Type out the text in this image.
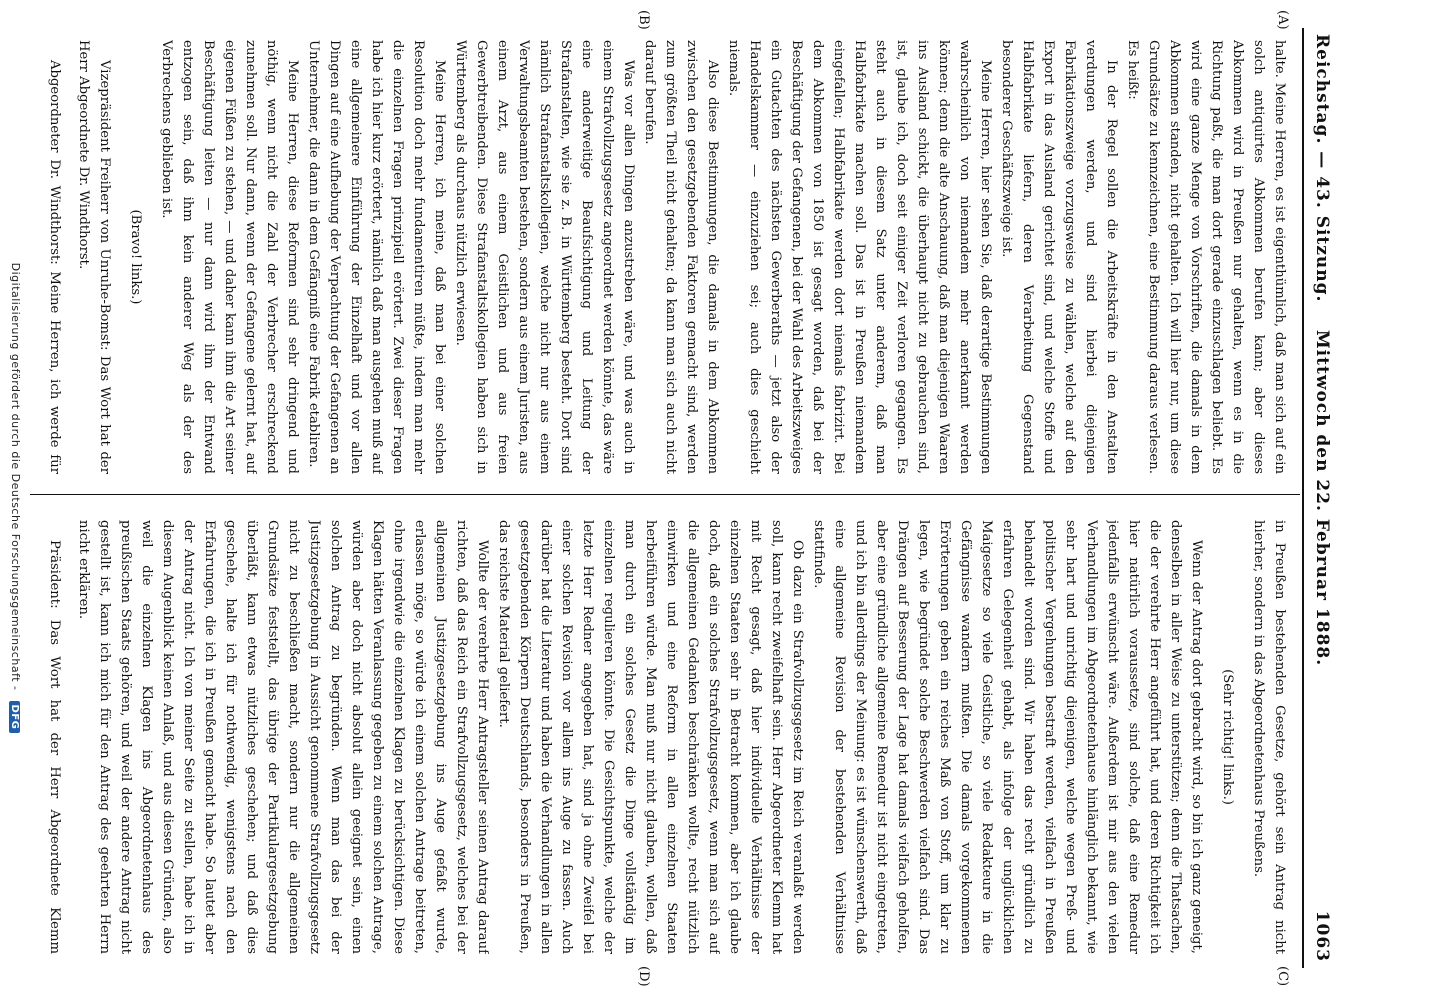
Reichstag. — 43. Sitzung.
Mittwoch den 22. Februar 1888.
1063
(A)
(B)
(C)
(D)

halte. Meine Herren, es ist eigenthümlich, daß man sich auf ein solch antiquirtes Abkommen berufen kann; aber dieses Abkommen wird in Preußen nur gehalten, wenn es in die Richtung paßt, die man dort gerade einzuschlagen beliebt. Es wird eine ganze Menge von Vorschriften, die damals in dem Abkommen standen, nicht gehalten. Ich will hier nur, um diese Grundsätze zu kennzeichnen, eine Bestimmung daraus verlesen. Es heißt:

In der Regel sollen die Arbeitskräfte in den Anstalten verdungen werden, und sind hierbei diejenigen Fabrikationszweige vorzugsweise zu wählen, welche auf den Export in das Ausland gerichtet sind, und welche Stoffe und Halbfabrikate liefern, deren Verarbeitung Gegenstand besonderer Geschäftszweige ist.

Meine Herren, hier sehen Sie, daß derartige Bestimmungen wahrscheinlich von niemandem mehr anerkannt werden können; denn die alte Anschauung, daß man diejenigen Waaren ins Ausland schickt, die überhaupt nicht zu gebrauchen sind, ist, glaube ich, doch seit einiger Zeit verloren gegangen. Es steht auch in diesem Satz unter anderem, daß man Halbfabrikate machen soll. Das ist in Preußen niemandem eingefallen; Halbfabrikate werden dort niemals fabrizirt. Bei dem Abkommen von 1850 ist gesagt worden, daß bei der Beschäftigung der Gefangenen, bei der Wahl des Arbeitszweiges ein Gutachten des nächsten Gewerberaths — jetzt also der Handelskammer — einzuziehen sei; auch dies geschieht niemals.

Also diese Bestimmungen, die damals in dem Abkommen zwischen den gesetzgebenden Faktoren gemacht sind, werden zum größten Theil nicht gehalten; da kann man sich auch nicht darauf berufen.

Was vor allen Dingen anzustreben wäre, und was auch in einem Strafvollzugsgesetz angeordnet werden könnte, das wäre eine anderweitige Beaufsichtigung und Leitung der Strafanstalten, wie sie z. B. in Württemberg besteht. Dort sind nämlich Strafanstaltskollegien, welche nicht nur aus einem Verwaltungsbeamten bestehen, sondern aus einem Juristen, aus einem Arzt, aus einem Geistlichen und aus freien Gewerbtreibenden. Diese Strafanstaltskollegien haben sich in Württemberg als durchaus nützlich erwiesen.

Meine Herren, ich meine, daß man bei einer solchen Resolution doch mehr fundamentiren müßte, indem man mehr die einzelnen Fragen prinzipiell erörtert. Zwei dieser Fragen habe ich hier kurz erörtert, nämlich daß man ausgehen muß auf eine allgemeinere Einführung der Einzelhaft und vor allen Dingen auf eine Aufhebung der Verpachtung der Gefangenen an Unternehmer, die dann in dem Gefängniß eine Fabrik etabliren.

Meine Herren, diese Reformen sind sehr dringend und nöthig, wenn nicht die Zahl der Verbrecher erschreckend zunehmen soll. Nur dann, wenn der Gefangene gelernt hat, auf eigenen Füßen zu stehen, — und daher kann ihm die Art seiner Beschäftigung leiten — nur dann wird ihm der Entwand entzogen sein, daß ihm kein anderer Weg als der des Verbrechens geblieben ist.

(Bravo! links.)

Vizepräsident Freiherr von Unruhe-Bomst: Das Wort hat der Herr Abgeordnete Dr. Windthorst.

Abgeordneter Dr. Windthorst: Meine Herren, ich werde für

in Preußen bestehenden Gesetze, gehört sein Antrag nicht hierher, sondern in das Abgeordnetenhaus Preußens.

(Sehr richtig! links.)

Wenn der Antrag dort gebracht wird, so bin ich ganz geneigt, denselben in aller Weise zu unterstützen; denn die Thatsachen, die der verehrte Herr angeführt hat, und deren Richtigkeit ich hier natürlich voraussetze, sind solche, daß eine Remedur jedenfalls erwünscht wäre. Außerdem ist mir aus den vielen Verhandlungen im Abgeordnetenhause hinlänglich bekannt, wie sehr hart und unrichtig diejenigen, welche wegen Preß- und politischer Vergehungen bestraft werden, vielfach in Preußen behandelt worden sind. Wir haben das recht gründlich zu erfahren Gelegenheit gehabt, als infolge der unglücklichen Maigesetze so viele Geistliche, so viele Redakteure in die Gefängnisse wandern mußten. Die damals vorgekommenen Erörterungen geben ein reiches Maß von Stoff, um klar zu legen, wie begründet solche Beschwerden vielfach sind. Das Drängen auf Besserung der Lage hat damals vielfach geholfen, aber eine gründliche allgemeine Remedur ist nicht eingetreten, und ich bin allerdings der Meinung: es ist wünschenswerth, daß eine allgemeine Revision der bestehenden Verhältnisse stattfinde.

Ob dazu ein Strafvollzugsgesetz im Reich veranlaßt werden soll, kann recht zweifelhaft sein. Herr Abgeordneter Klemm hat mit Recht gesagt, daß hier individuelle Verhältnisse der einzelnen Staaten sehr in Betracht kommen, aber ich glaube doch, daß ein solches Strafvollzugsgesetz, wenn man sich auf die allgemeinen Gedanken beschränken wollte, recht nützlich einwirken und eine Reform in allen einzelnen Staaten herbeiführen würde. Man muß nur nicht glauben, wollen, daß man durch ein solches Gesetz die Dinge vollständig im einzelnen regulieren könnte. Die Gesichtspunkte, welche der letzte Herr Redner angegeben hat, sind ja ohne Zweifel bei einer solchen Revision vor allem ins Auge zu fassen. Auch darüber hat die Literatur und haben die Verhandlungen in allen gesetzgebenden Körpern Deutschlands, besonders in Preußen, das reichste Material geliefert.

Wollte der verehrte Herr Antragsteller seinen Antrag darauf richten, daß das Reich ein Strafvollzugsgesetz, welches bei der allgemeinen Justizgesetzgebung ins Auge gefaßt wurde, erlassen möge, so würde ich einem solchen Antrage beitreten, ohne irgendwie die einzelnen Klagen zu berücksichtigen. Diese Klagen hätten Veranlassung gegeben zu einem solchen Antrage, würden aber doch nicht absolut allein geeignet sein, einen solchen Antrag zu begründen. Wenn man das bei der Justizgesetzgebung in Aussicht genommene Strafvollzugsgesetz nicht zu beschließen macht, sondern nur die allgemeinen Grundsätze feststellt, das übrige der Partikulargesetzgebung überläßt, kann etwas nützliches geschehen; und daß dies geschehe, halte ich für nothwendig, wenigstens nach den Erfahrungen, die ich in Preußen gemacht habe. So lautet aber der Antrag nicht. Ich von meiner Seite zu stellen, habe ich in diesem Augenblick keinen Anlaß, und aus diesen Gründen, also weil die einzelnen Klagen ins Abgeordnetenhaus des preußischen Staats gehören, und weil der andere Antrag nicht gestellt ist, kann ich mich für den Antrag des geehrten Herrn nicht erklären.

Präsident: Das Wort hat der Herr Abgeordnete Klemm

Digitalisierung gefördert durch die Deutsche Forschungsgemeinschaft - DFG
